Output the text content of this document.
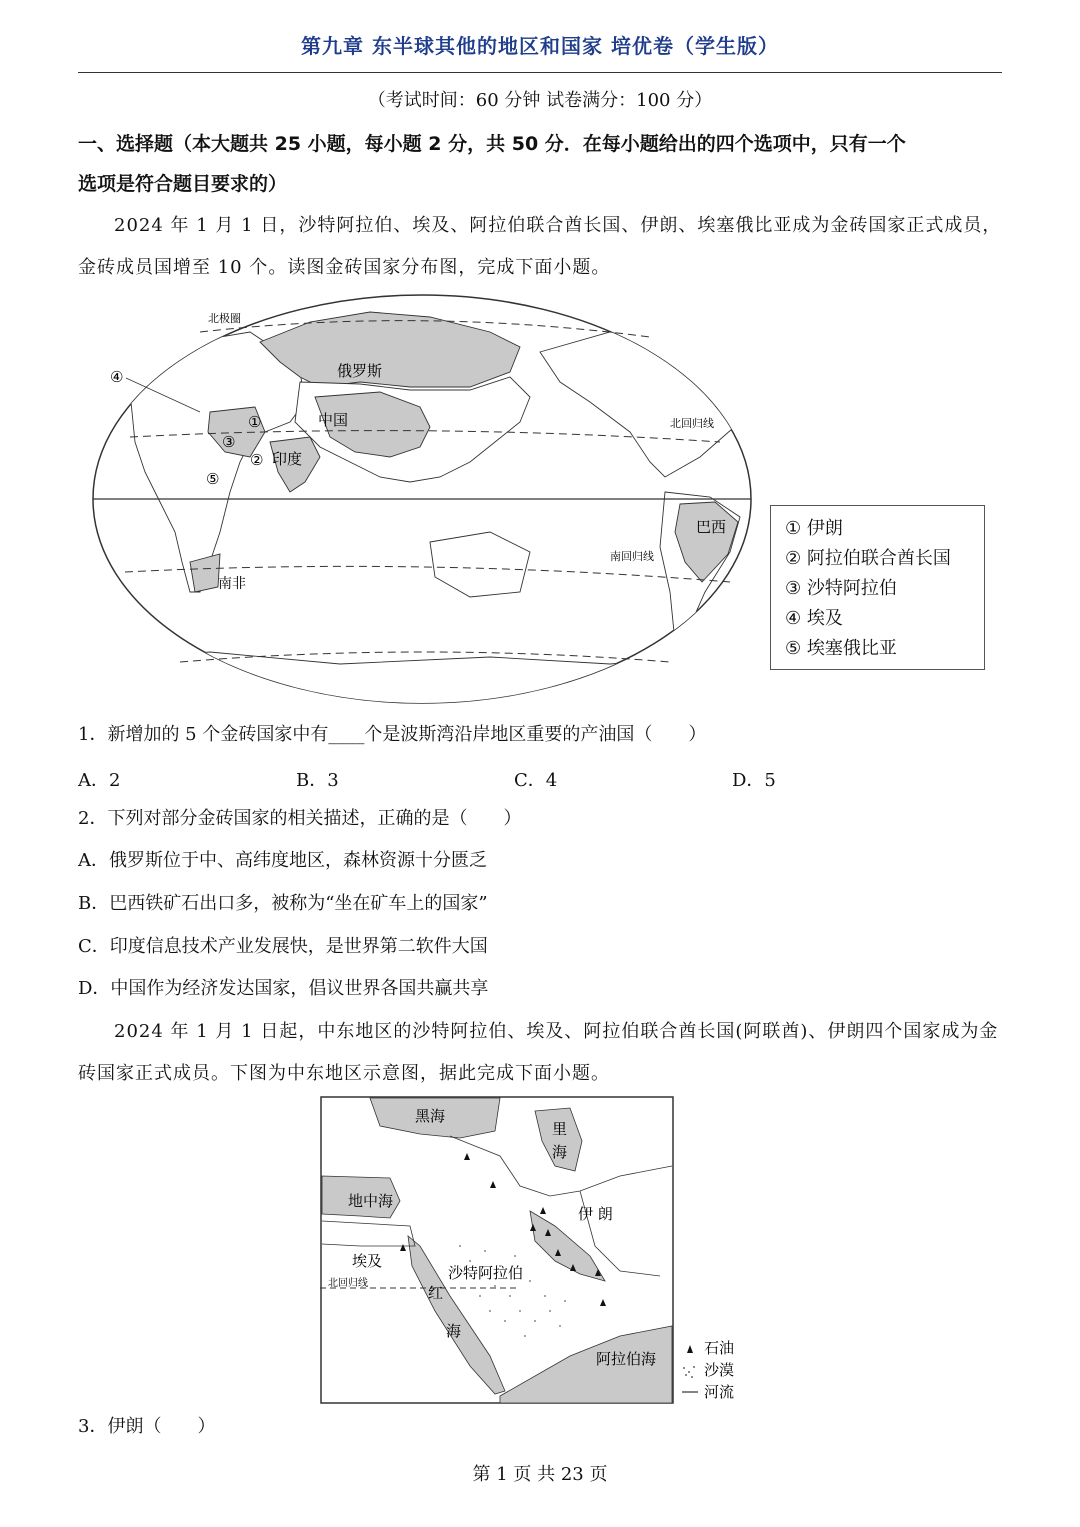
第九章 东半球其他的地区和国家 培优卷（学生版）
（考试时间：60 分钟 试卷满分：100 分）
一、选择题（本大题共 25 小题，每小题 2 分，共 50 分．在每小题给出的四个选项中，只有一个
选项是符合题目要求的）
2024 年 1 月 1 日，沙特阿拉伯、埃及、阿拉伯联合酋长国、伊朗、埃塞俄比亚成为金砖国家正式成员，金砖成员国增至 10 个。读图金砖国家分布图，完成下面小题。
北极圈
俄罗斯
中国
印度
北回归线
南回归线
巴西
南非
④
①
③
②
⑤
① 伊朗
② 阿拉伯联合酋长国
③ 沙特阿拉伯
④ 埃及
⑤ 埃塞俄比亚
1．新增加的 5 个金砖国家中有____个是波斯湾沿岸地区重要的产油国（　　）
A．2	B．3	C．4	D．5
2．下列对部分金砖国家的相关描述，正确的是（　　）
A．俄罗斯位于中、高纬度地区，森林资源十分匮乏
B．巴西铁矿石出口多，被称为“坐在矿车上的国家”
C．印度信息技术产业发展快，是世界第二软件大国
D．中国作为经济发达国家，倡议世界各国共赢共享
2024 年 1 月 1 日起，中东地区的沙特阿拉伯、埃及、阿拉伯联合酋长国(阿联酋)、伊朗四个国家成为金砖国家正式成员。下图为中东地区示意图，据此完成下面小题。
黑海
里
海
地中海
伊 朗
埃及
沙特阿拉伯
北回归线
红
海
阿拉伯海
石油
沙漠
河流
3．伊朗（　　）
第 1 页 共 23 页
